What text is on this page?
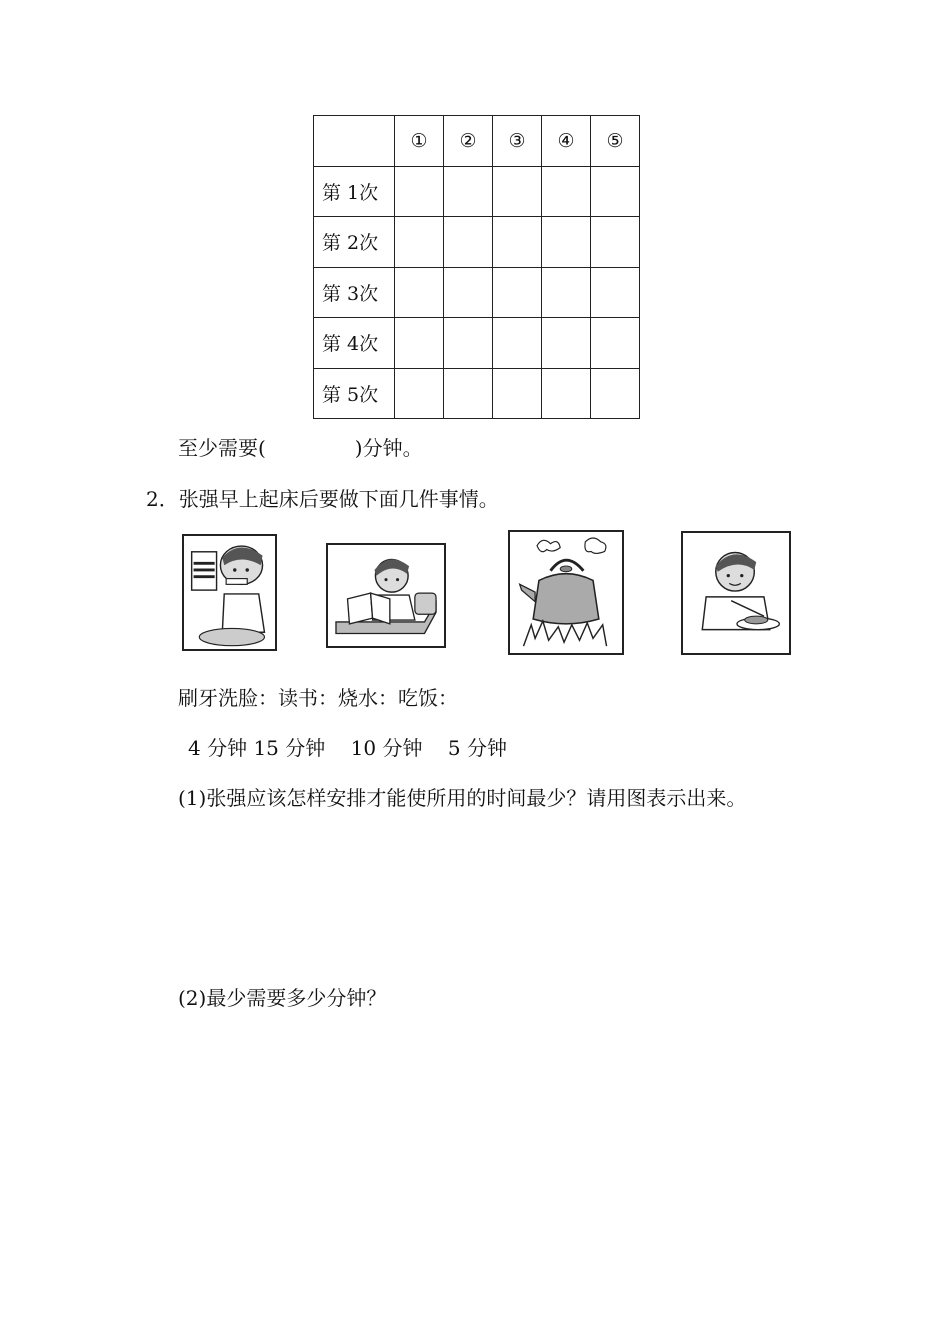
	①	②	③	④	⑤
第 1次					
第 2次					
第 3次					
第 4次					
第 5次					
至少需要(              )分钟。
2．张强早上起床后要做下面几件事情。
刷牙洗脸：读书：烧水：吃饭：
4 分钟 15 分钟    10 分钟    5 分钟
(1)张强应该怎样安排才能使所用的时间最少？请用图表示出来。
(2)最少需要多少分钟？
